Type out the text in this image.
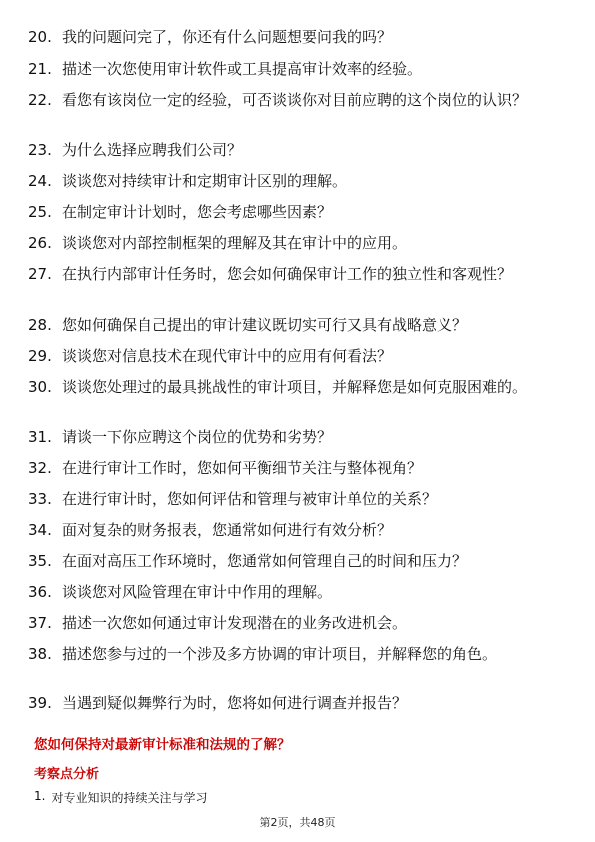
20. 我的问题问完了，你还有什么问题想要问我的吗？
21. 描述一次您使用审计软件或工具提高审计效率的经验。
22. 看您有该岗位一定的经验，可否谈谈你对目前应聘的这个岗位的认识？
23. 为什么选择应聘我们公司？
24. 谈谈您对持续审计和定期审计区别的理解。
25. 在制定审计计划时，您会考虑哪些因素？
26. 谈谈您对内部控制框架的理解及其在审计中的应用。
27. 在执行内部审计任务时，您会如何确保审计工作的独立性和客观性？
28. 您如何确保自己提出的审计建议既切实可行又具有战略意义？
29. 谈谈您对信息技术在现代审计中的应用有何看法？
30. 谈谈您处理过的最具挑战性的审计项目，并解释您是如何克服困难的。
31. 请谈一下你应聘这个岗位的优势和劣势？
32. 在进行审计工作时，您如何平衡细节关注与整体视角？
33. 在进行审计时，您如何评估和管理与被审计单位的关系？
34. 面对复杂的财务报表，您通常如何进行有效分析？
35. 在面对高压工作环境时，您通常如何管理自己的时间和压力？
36. 谈谈您对风险管理在审计中作用的理解。
37. 描述一次您如何通过审计发现潜在的业务改进机会。
38. 描述您参与过的一个涉及多方协调的审计项目，并解释您的角色。
39. 当遇到疑似舞弊行为时，您将如何进行调查并报告？
您如何保持对最新审计标准和法规的了解？
考察点分析
1. 对专业知识的持续关注与学习
第2页，共48页
